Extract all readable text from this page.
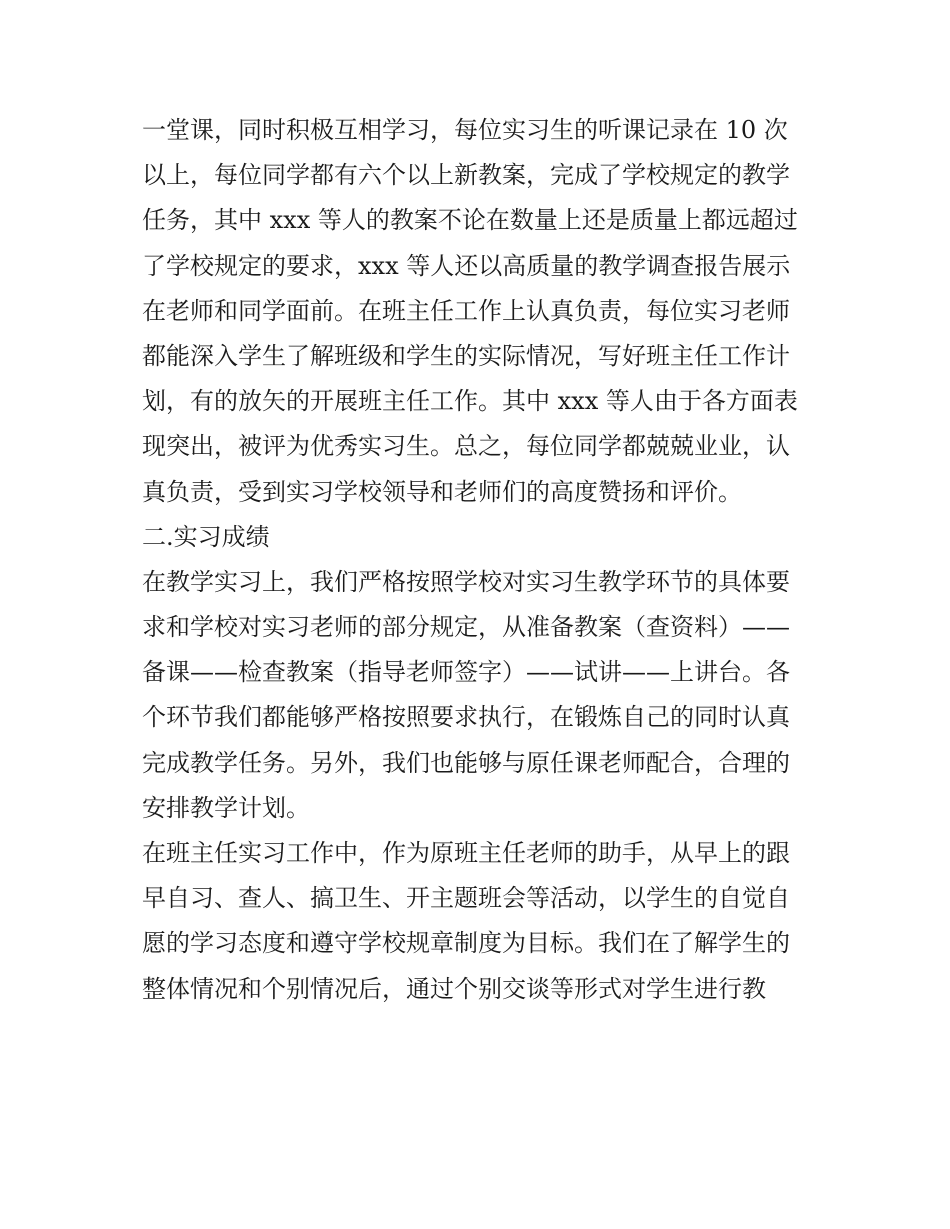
一堂课，同时积极互相学习，每位实习生的听课记录在 10 次
以上，每位同学都有六个以上新教案，完成了学校规定的教学
任务，其中 xxx 等人的教案不论在数量上还是质量上都远超过
了学校规定的要求，xxx 等人还以高质量的教学调查报告展示
在老师和同学面前。在班主任工作上认真负责，每位实习老师
都能深入学生了解班级和学生的实际情况，写好班主任工作计
划，有的放矢的开展班主任工作。其中 xxx 等人由于各方面表
现突出，被评为优秀实习生。总之，每位同学都兢兢业业，认
真负责，受到实习学校领导和老师们的高度赞扬和评价。
二.实习成绩
在教学实习上，我们严格按照学校对实习生教学环节的具体要
求和学校对实习老师的部分规定，从准备教案（查资料）——
备课——检查教案（指导老师签字）——试讲——上讲台。各
个环节我们都能够严格按照要求执行，在锻炼自己的同时认真
完成教学任务。另外，我们也能够与原任课老师配合，合理的
安排教学计划。
在班主任实习工作中，作为原班主任老师的助手，从早上的跟
早自习、查人、搞卫生、开主题班会等活动，以学生的自觉自
愿的学习态度和遵守学校规章制度为目标。我们在了解学生的
整体情况和个别情况后，通过个别交谈等形式对学生进行教
